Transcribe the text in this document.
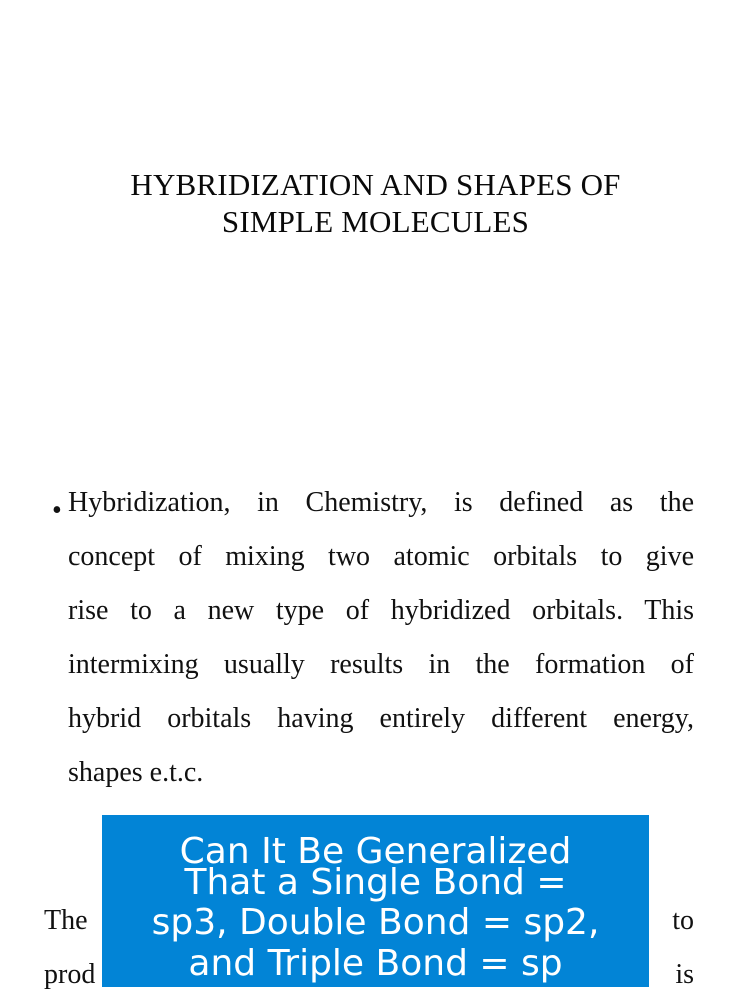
HYBRIDIZATION AND SHAPES OF
SIMPLE MOLECULES
• Hybridization, in Chemistry, is defined as the
concept of mixing two atomic orbitals to give
rise to a new type of hybridized orbitals. This
intermixing usually results in the formation of
hybrid orbitals having entirely different energy,
shapes e.t.c.
The	to
prod	is
Can It Be Generalized
That a Single Bond =
sp3, Double Bond = sp2,
and Triple Bond = sp
